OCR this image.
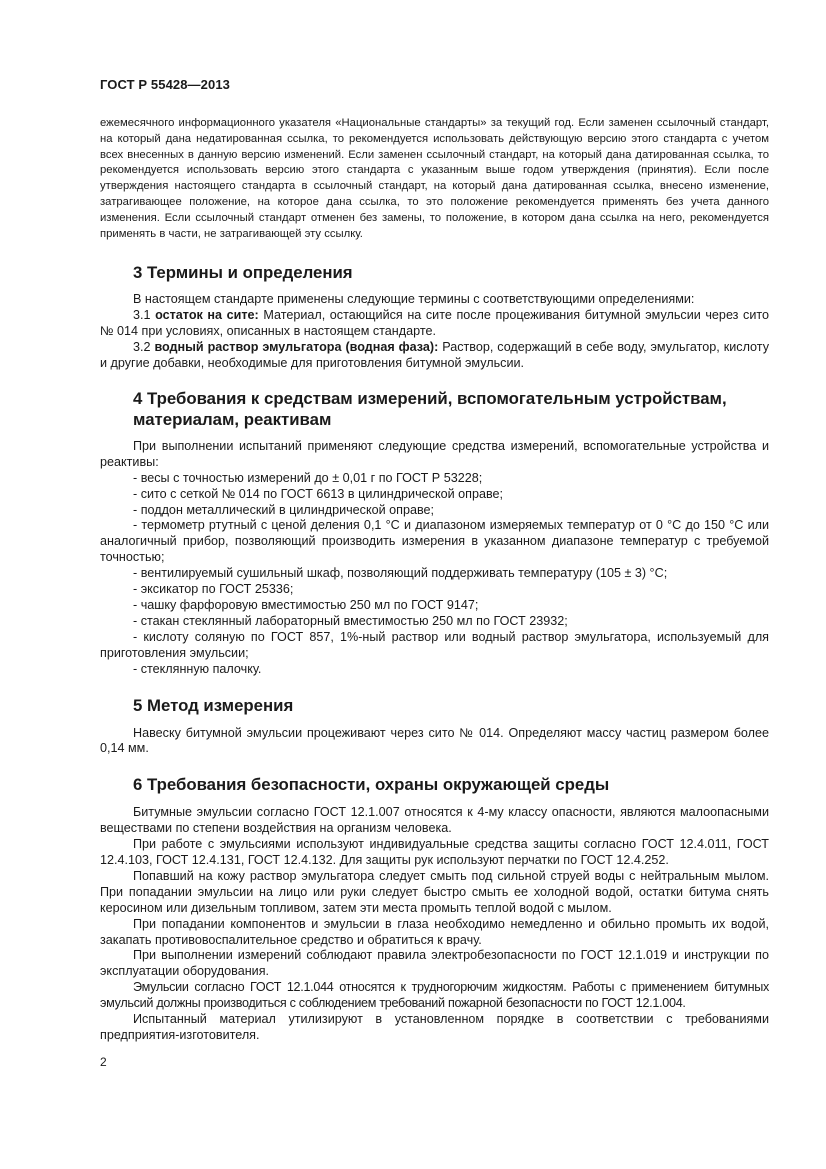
ГОСТ Р 55428—2013

ежемесячного информационного указателя «Национальные стандарты» за текущий год. Если заменен ссылочный стандарт, на который дана недатированная ссылка, то рекомендуется использовать действующую версию этого стандарта с учетом всех внесенных в данную версию изменений. Если заменен ссылочный стандарт, на который дана датированная ссылка, то рекомендуется использовать версию этого стандарта с указанным выше годом утверждения (принятия). Если после утверждения настоящего стандарта в ссылочный стандарт, на который дана датированная ссылка, внесено изменение, затрагивающее положение, на которое дана ссылка, то это положение рекомендуется применять без учета данного изменения. Если ссылочный стандарт отменен без замены, то положение, в котором дана ссылка на него, рекомендуется применять в части, не затрагивающей эту ссылку.

3 Термины и определения

В настоящем стандарте применены следующие термины с соответствующими определениями:

3.1 остаток на сите: Материал, остающийся на сите после процеживания битумной эмульсии через сито № 014 при условиях, описанных в настоящем стандарте.

3.2 водный раствор эмульгатора (водная фаза): Раствор, содержащий в себе воду, эмульгатор, кислоту и другие добавки, необходимые для приготовления битумной эмульсии.

4 Требования к средствам измерений, вспомогательным устройствам,
материалам, реактивам

При выполнении испытаний применяют следующие средства измерений, вспомогательные устройства и реактивы:

- весы с точностью измерений до ± 0,01 г по ГОСТ Р 53228;

- сито с сеткой № 014 по ГОСТ 6613 в цилиндрической оправе;

- поддон металлический в цилиндрической оправе;

- термометр ртутный с ценой деления 0,1 °С и диапазоном измеряемых температур от 0 °С до 150 °С или аналогичный прибор, позволяющий производить измерения в указанном диапазоне температур с требуемой точностью;

- вентилируемый сушильный шкаф, позволяющий поддерживать температуру (105 ± 3) °С;

- эксикатор по ГОСТ 25336;

- чашку фарфоровую вместимостью 250 мл по ГОСТ 9147;

- стакан стеклянный лабораторный вместимостью 250 мл по ГОСТ 23932;

- кислоту соляную по ГОСТ 857, 1%-ный раствор или водный раствор эмульгатора, используемый для приготовления эмульсии;

- стеклянную палочку.

5 Метод измерения

Навеску битумной эмульсии процеживают через сито № 014. Определяют массу частиц размером более 0,14 мм.

6 Требования безопасности, охраны окружающей среды

Битумные эмульсии согласно ГОСТ 12.1.007 относятся к 4-му классу опасности, являются малоопасными веществами по степени воздействия на организм человека.

При работе с эмульсиями используют индивидуальные средства защиты согласно ГОСТ 12.4.011, ГОСТ 12.4.103, ГОСТ 12.4.131, ГОСТ 12.4.132. Для защиты рук используют перчатки по ГОСТ 12.4.252.

Попавший на кожу раствор эмульгатора следует смыть под сильной струей воды с нейтральным мылом. При попадании эмульсии на лицо или руки следует быстро смыть ее холодной водой, остатки битума снять керосином или дизельным топливом, затем эти места промыть теплой водой с мылом.

При попадании компонентов и эмульсии в глаза необходимо немедленно и обильно промыть их водой, закапать противовоспалительное средство и обратиться к врачу.

При выполнении измерений соблюдают правила электробезопасности по ГОСТ 12.1.019 и инструкции по эксплуатации оборудования.

Эмульсии согласно ГОСТ 12.1.044 относятся к трудногорючим жидкостям. Работы с применением битумных эмульсий должны производиться с соблюдением требований пожарной безопасности по ГОСТ 12.1.004.

Испытанный материал утилизируют в установленном порядке в соответствии с требованиями предприятия-изготовителя.

2
